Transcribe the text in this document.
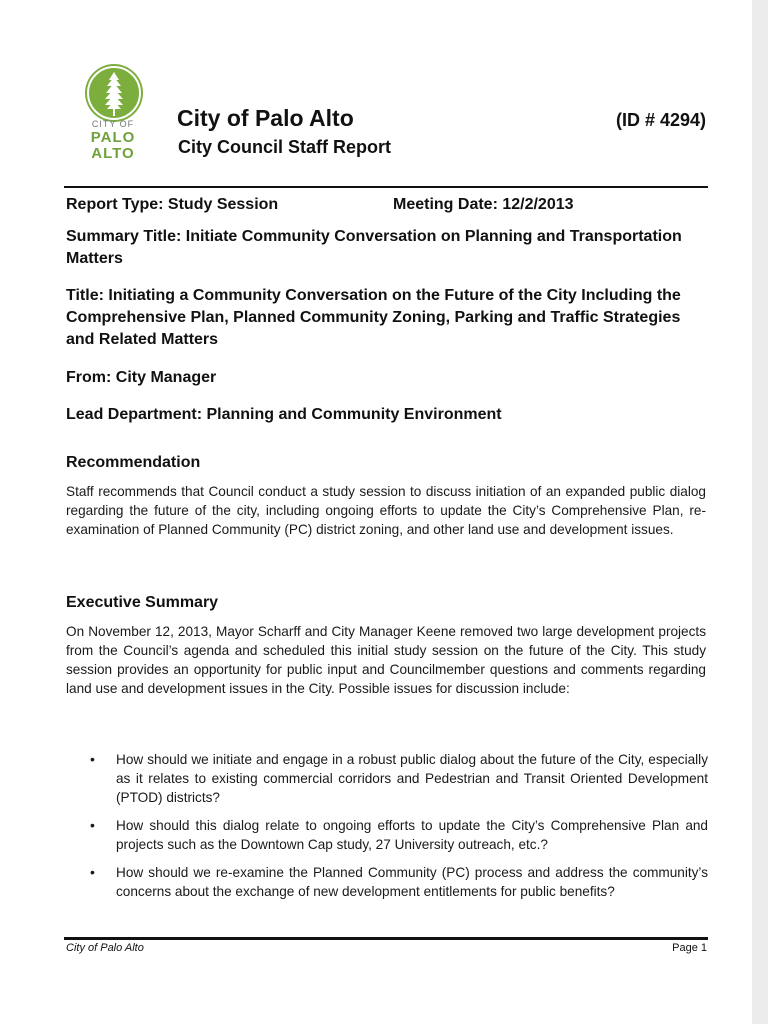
CITY OF
PALO
ALTO
City of Palo Alto
City Council Staff Report
(ID # 4294)
Report Type: Study Session	Meeting Date: 12/2/2013
Summary Title: Initiate Community Conversation on Planning and Transportation Matters
Title: Initiating a Community Conversation on the Future of the City Including the Comprehensive Plan, Planned Community Zoning, Parking and Traffic Strategies and Related Matters
From: City Manager
Lead Department: Planning and Community Environment
Recommendation
Staff recommends that Council conduct a study session to discuss initiation of an expanded public dialog regarding the future of the city, including ongoing efforts to update the City’s Comprehensive Plan, re-examination of Planned Community (PC) district zoning, and other land use and development issues.
Executive Summary
On November 12, 2013, Mayor Scharff and City Manager Keene removed two large development projects from the Council’s agenda and scheduled this initial study session on the future of the City. This study session provides an opportunity for public input and Councilmember questions and comments regarding land use and development issues in the City. Possible issues for discussion include:
• How should we initiate and engage in a robust public dialog about the future of the City, especially as it relates to existing commercial corridors and Pedestrian and Transit Oriented Development (PTOD) districts?
• How should this dialog relate to ongoing efforts to update the City’s Comprehensive Plan and projects such as the Downtown Cap study, 27 University outreach, etc.?
• How should we re-examine the Planned Community (PC) process and address the community’s concerns about the exchange of new development entitlements for public benefits?
City of Palo Alto	Page 1
